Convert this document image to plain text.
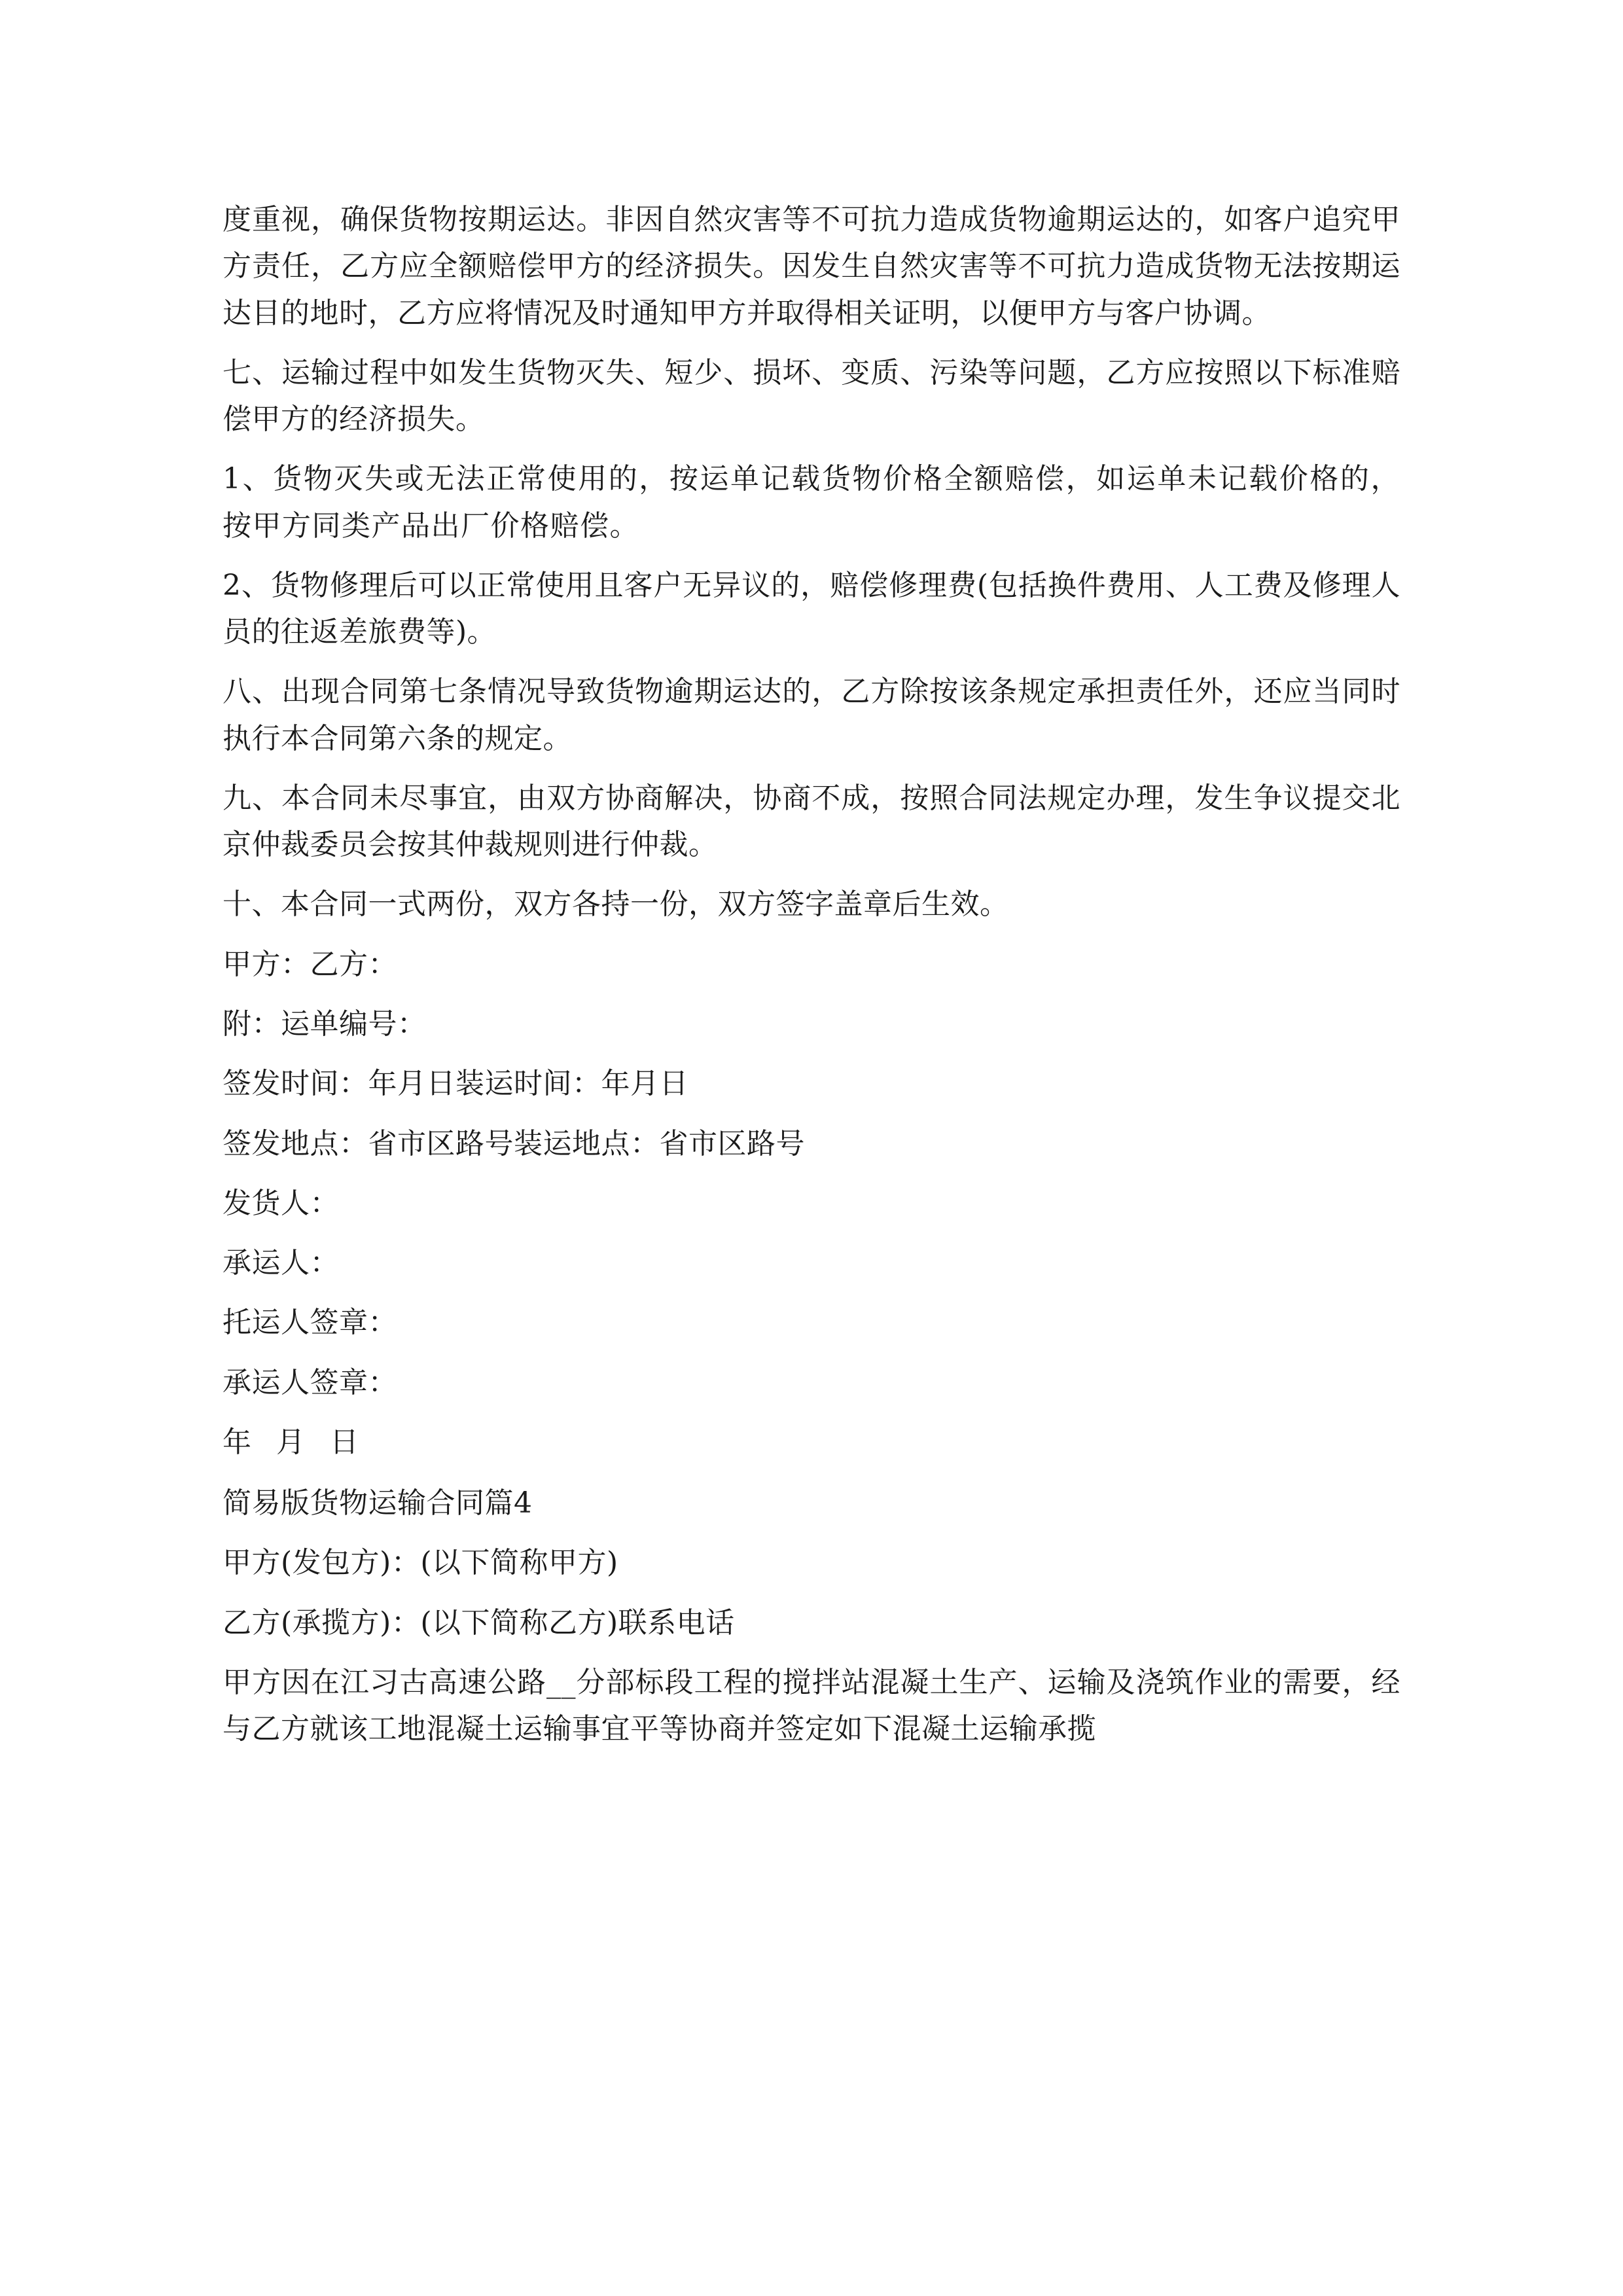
度重视，确保货物按期运达。非因自然灾害等不可抗力造成货物逾期运达的，如客户追究甲方责任，乙方应全额赔偿甲方的经济损失。因发生自然灾害等不可抗力造成货物无法按期运达目的地时，乙方应将情况及时通知甲方并取得相关证明，以便甲方与客户协调。

七、运输过程中如发生货物灭失、短少、损坏、变质、污染等问题，乙方应按照以下标准赔偿甲方的经济损失。

1、货物灭失或无法正常使用的，按运单记载货物价格全额赔偿，如运单未记载价格的，按甲方同类产品出厂价格赔偿。

2、货物修理后可以正常使用且客户无异议的，赔偿修理费(包括换件费用、人工费及修理人员的往返差旅费等)。

八、出现合同第七条情况导致货物逾期运达的，乙方除按该条规定承担责任外，还应当同时执行本合同第六条的规定。

九、本合同未尽事宜，由双方协商解决，协商不成，按照合同法规定办理，发生争议提交北京仲裁委员会按其仲裁规则进行仲裁。

十、本合同一式两份，双方各持一份，双方签字盖章后生效。

甲方：乙方：

附：运单编号：

签发时间：年月日装运时间：年月日

签发地点：省市区路号装运地点：省市区路号

发货人：

承运人：

托运人签章：

承运人签章：

年 月 日

简易版货物运输合同篇4

甲方(发包方)：(以下简称甲方)

乙方(承揽方)：(以下简称乙方)联系电话

甲方因在江习古高速公路__分部标段工程的搅拌站混凝土生产、运输及浇筑作业的需要，经与乙方就该工地混凝土运输事宜平等协商并签定如下混凝土运输承揽
